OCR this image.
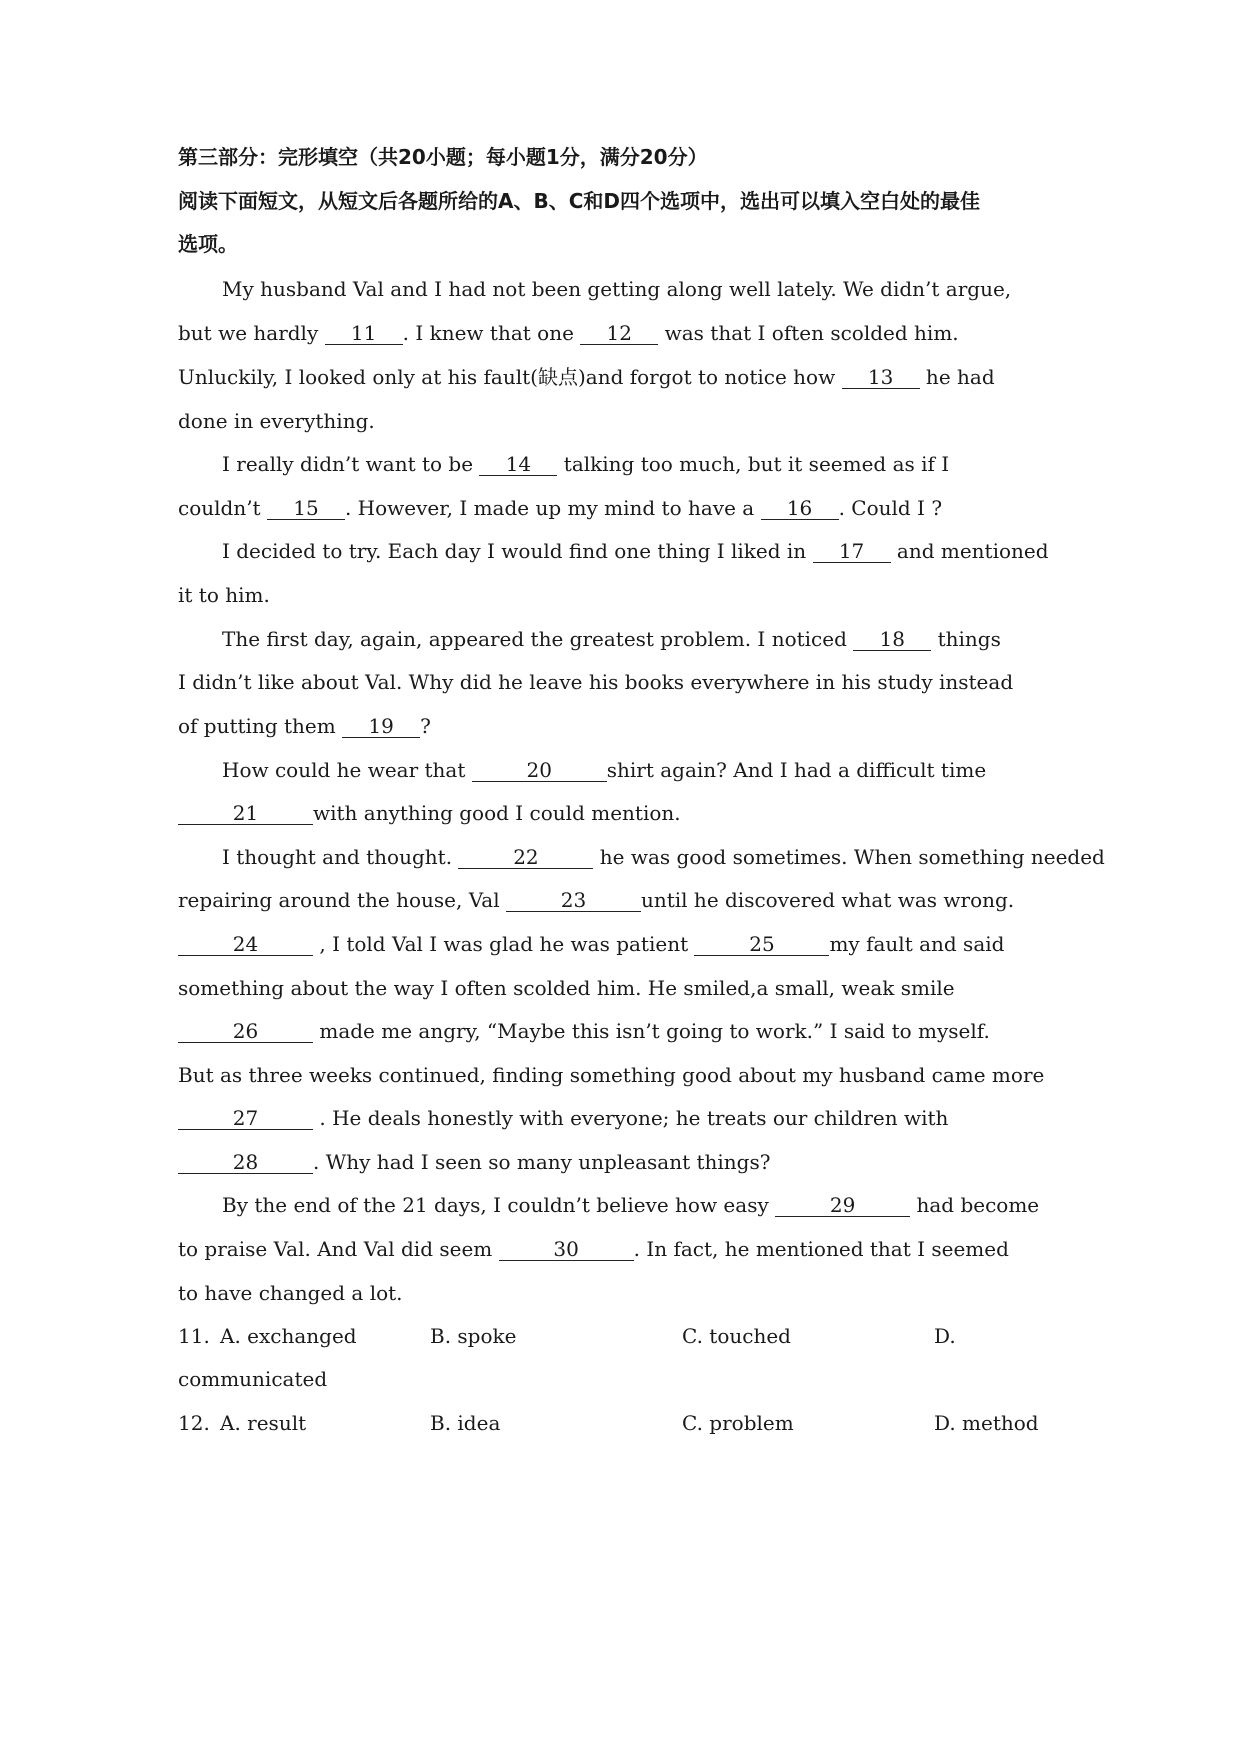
第三部分：完形填空（共20小题；每小题1分，满分20分）
阅读下面短文，从短文后各题所给的A、B、C和D四个选项中，选出可以填入空白处的最佳
选项。
My husband Val and I had not been getting along well lately. We didn’t argue,
but we hardly 11 . I knew that one 12 was that I often scolded him.
Unluckily, I looked only at his fault(缺点)and forgot to notice how 13 he had
done in everything.
I really didn’t want to be 14 talking too much, but it seemed as if I
couldn’t 15 . However, I made up my mind to have a 16 . Could I ?
I decided to try. Each day I would find one thing I liked in 17 and mentioned
it to him.
The first day, again, appeared the greatest problem. I noticed 18 things
I didn’t like about Val. Why did he leave his books everywhere in his study instead
of putting them 19 ?
How could he wear that	20	shirt again? And I had a difficult time
21	with anything good I could mention.
I thought and thought.	22	he was good sometimes. When something needed
repairing around the house, Val	23	until he discovered what was wrong.
24	, I told Val I was glad he was patient	25	my fault and said
something about the way I often scolded him. He smiled,a small, weak smile
26	made me angry, “Maybe this isn’t going to work.” I said to myself.
But as three weeks continued, finding something good about my husband came more
27	. He deals honestly with everyone; he treats our children with
28	. Why had I seen so many unpleasant things?
By the end of the 21 days, I couldn’t believe how easy	29	had become
to praise Val. And Val did seem	30	. In fact, he mentioned that I seemed
to have changed a lot.
11. A. exchanged	B. spoke	C. touched	D.
communicated
12. A. result	B. idea	C. problem	D. method
